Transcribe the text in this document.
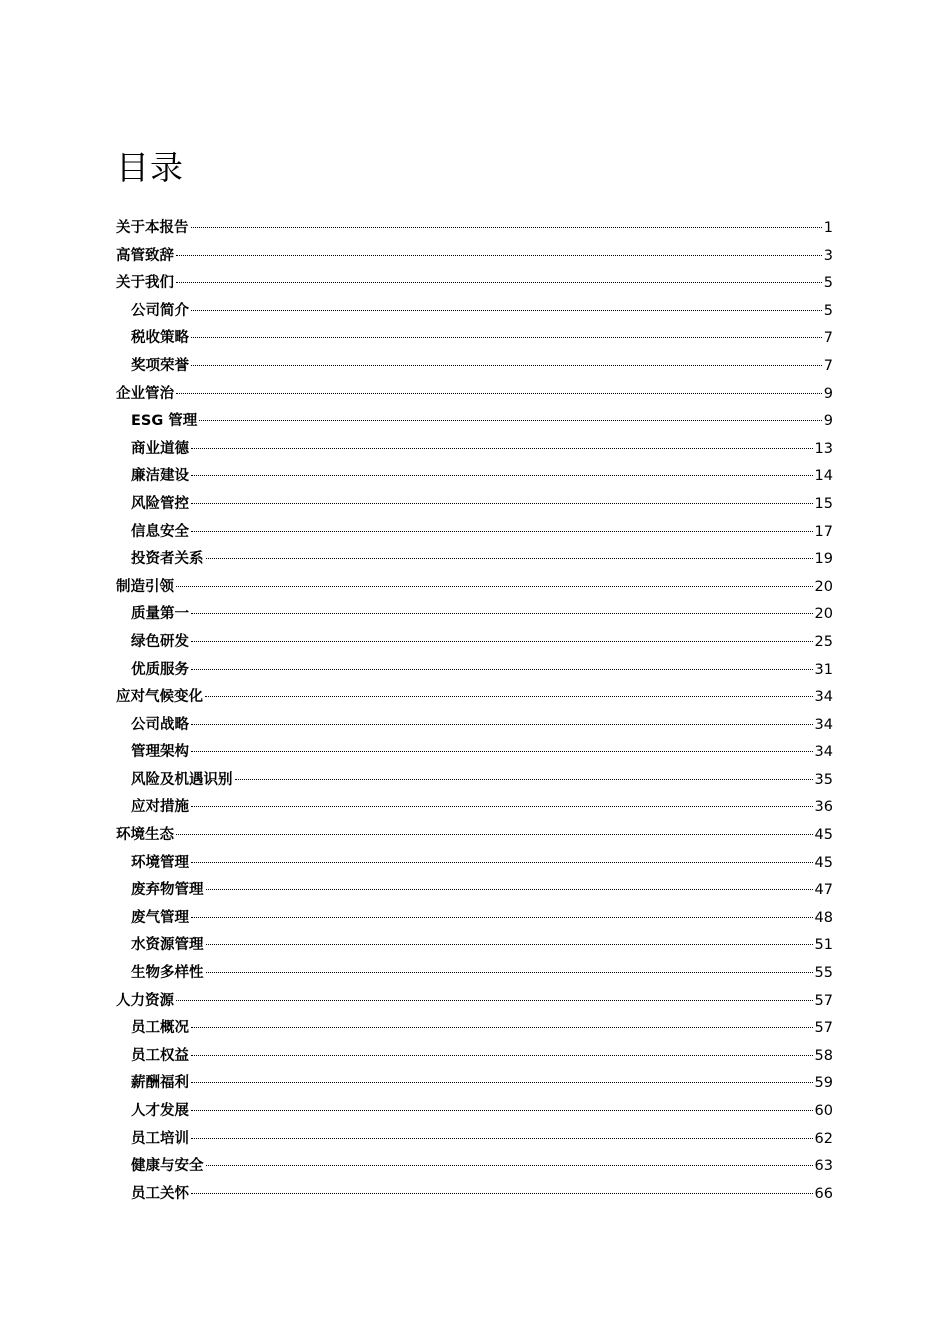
目录
关于本报告	1
高管致辞	3
关于我们	5
公司简介	5
税收策略	7
奖项荣誉	7
企业管治	9
ESG 管理	9
商业道德	13
廉洁建设	14
风险管控	15
信息安全	17
投资者关系	19
制造引领	20
质量第一	20
绿色研发	25
优质服务	31
应对气候变化	34
公司战略	34
管理架构	34
风险及机遇识别	35
应对措施	36
环境生态	45
环境管理	45
废弃物管理	47
废气管理	48
水资源管理	51
生物多样性	55
人力资源	57
员工概况	57
员工权益	58
薪酬福利	59
人才发展	60
员工培训	62
健康与安全	63
员工关怀	66
